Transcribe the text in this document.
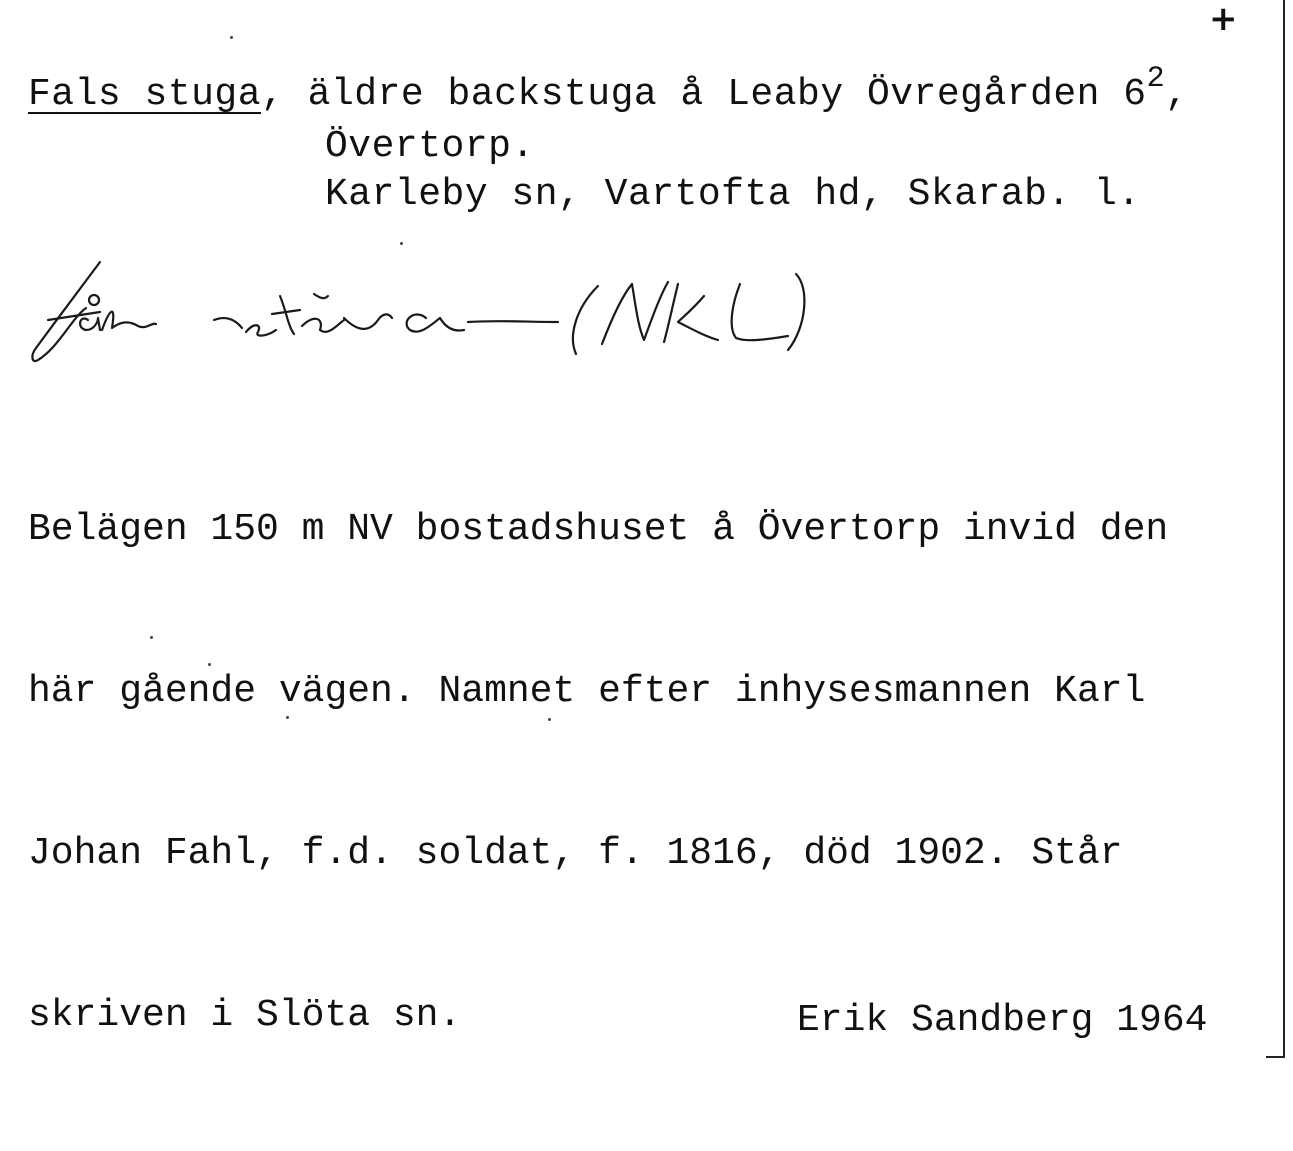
+
Fals stuga, äldre backstuga å Leaby Övregården $6^2$,
Övertorp.
Karleby sn, Vartofta hd, Skarab. l.

Belägen 150 m NV bostadshuset å Övertorp invid den

här gående vägen. Namnet efter inhysesmannen Karl

Johan Fahl, f.d. soldat, f. 1816, död 1902. Står

skriven i Slöta sn.

	Erik Sandberg 1964
